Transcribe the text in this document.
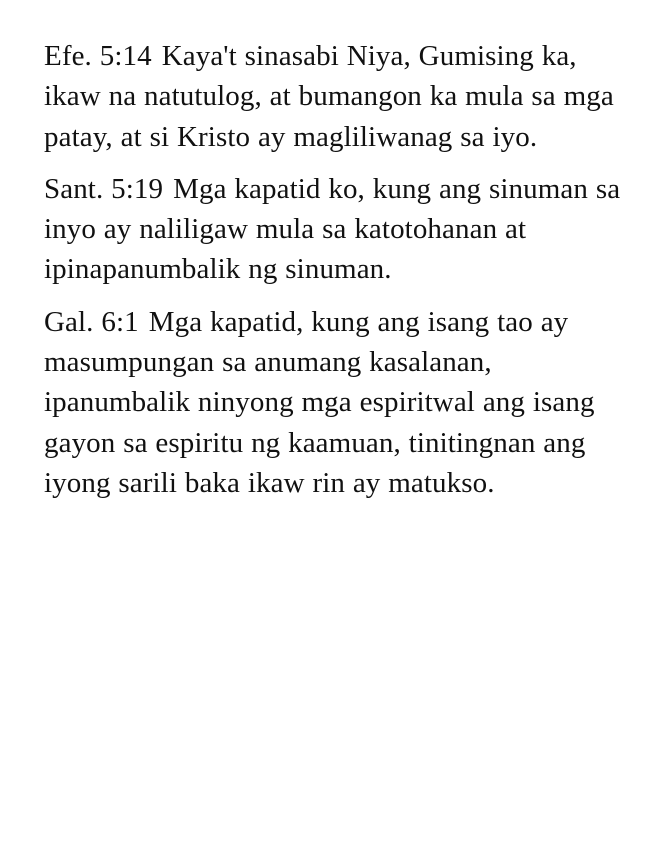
Efe. 5:14 Kaya't sinasabi Niya, Gumising ka, ikaw na natutulog, at bumangon ka mula sa mga patay, at si Kristo ay magliliwanag sa iyo.

Sant. 5:19 Mga kapatid ko, kung ang sinuman sa inyo ay naliligaw mula sa katotohanan at ipinapanumbalik ng sinuman.

Gal. 6:1 Mga kapatid, kung ang isang tao ay masumpungan sa anumang kasalanan, ipanumbalik ninyong mga espiritwal ang isang gayon sa espiritu ng kaamuan, tinitingnan ang iyong sarili baka ikaw rin ay matukso.
